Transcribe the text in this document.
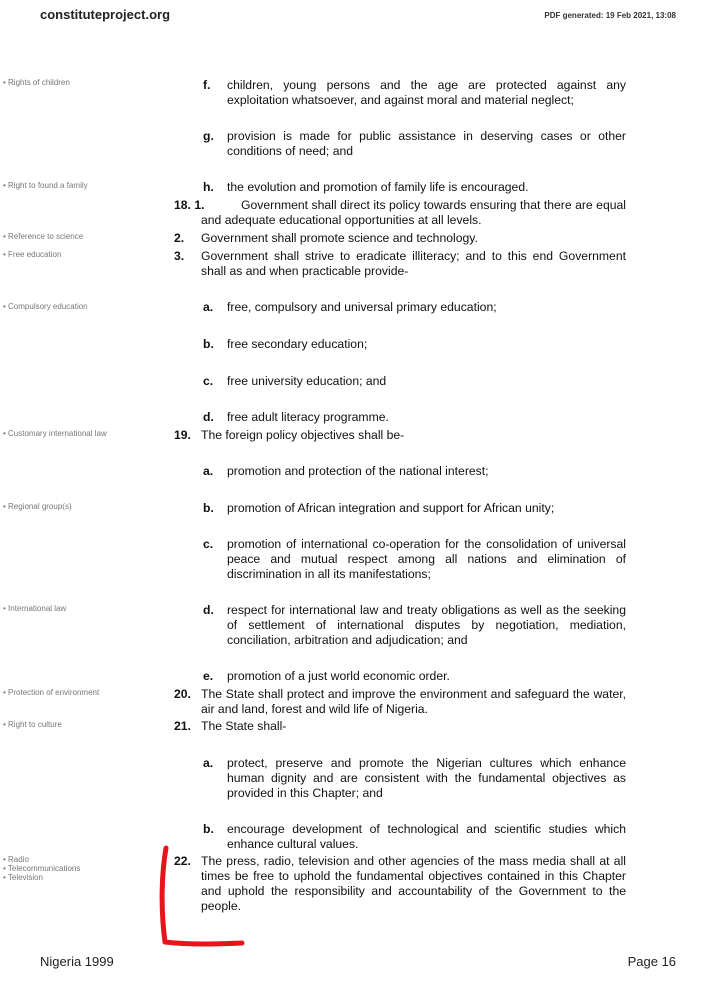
constituteproject.org	PDF generated: 19 Feb 2021, 13:08
• Rights of children
• Right to found a family
• Reference to science
• Free education
• Compulsory education
• Customary international law
• Regional group(s)
• International law
• Protection of environment
• Right to culture
• Radio
• Telecommunications
• Television
f. children, young persons and the age are protected against any exploitation whatsoever, and against moral and material neglect;
g. provision is made for public assistance in deserving cases or other conditions of need; and
h. the evolution and promotion of family life is encouraged.
18. 1.	Government shall direct its policy towards ensuring that there are equal and adequate educational opportunities at all levels.
2. Government shall promote science and technology.
3. Government shall strive to eradicate illiteracy; and to this end Government shall as and when practicable provide-
a. free, compulsory and universal primary education;
b. free secondary education;
c. free university education; and
d. free adult literacy programme.
19. The foreign policy objectives shall be-
a. promotion and protection of the national interest;
b. promotion of African integration and support for African unity;
c. promotion of international co-operation for the consolidation of universal peace and mutual respect among all nations and elimination of discrimination in all its manifestations;
d. respect for international law and treaty obligations as well as the seeking of settlement of international disputes by negotiation, mediation, conciliation, arbitration and adjudication; and
e. promotion of a just world economic order.
20. The State shall protect and improve the environment and safeguard the water, air and land, forest and wild life of Nigeria.
21. The State shall-
a. protect, preserve and promote the Nigerian cultures which enhance human dignity and are consistent with the fundamental objectives as provided in this Chapter; and
b. encourage development of technological and scientific studies which enhance cultural values.
22. The press, radio, television and other agencies of the mass media shall at all times be free to uphold the fundamental objectives contained in this Chapter and uphold the responsibility and accountability of the Government to the people.
Nigeria 1999	Page 16
